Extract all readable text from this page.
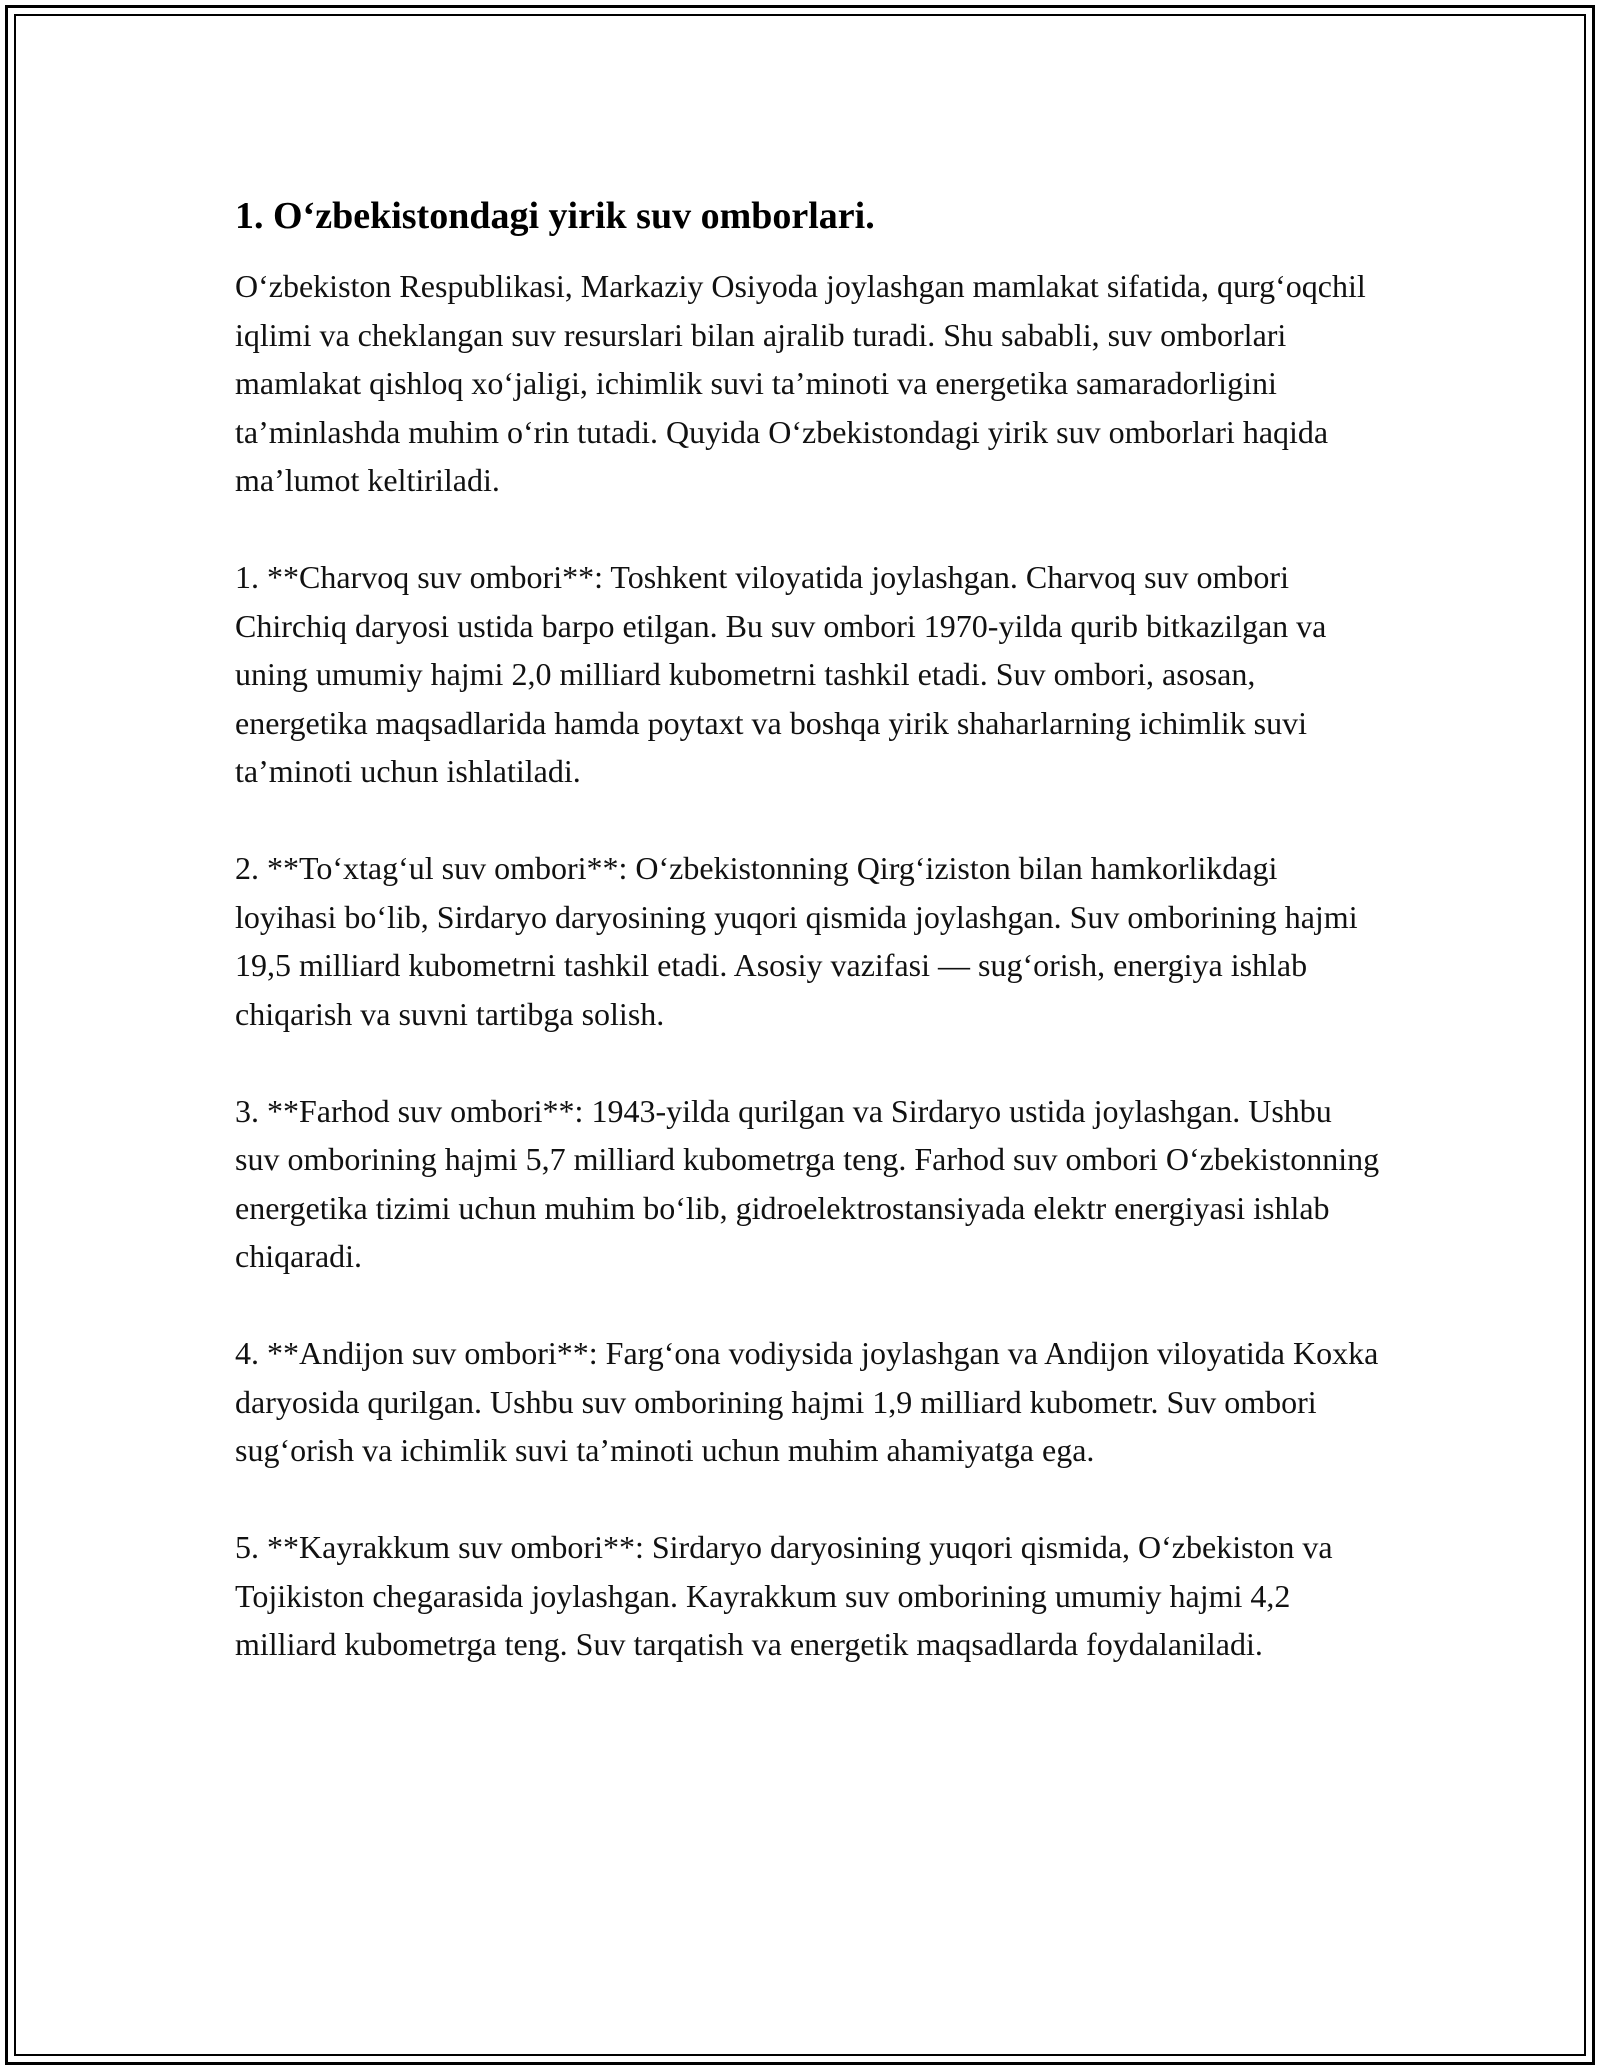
1. O‘zbekistondagi yirik suv omborlari.

O‘zbekiston Respublikasi, Markaziy Osiyoda joylashgan mamlakat sifatida, qurg‘oqchil iqlimi va cheklangan suv resurslari bilan ajralib turadi. Shu sababli, suv omborlari mamlakat qishloq xo‘jaligi, ichimlik suvi ta’minoti va energetika samaradorligini ta’minlashda muhim o‘rin tutadi. Quyida O‘zbekistondagi yirik suv omborlari haqida ma’lumot keltiriladi.

1. **Charvoq suv ombori**: Toshkent viloyatida joylashgan. Charvoq suv ombori Chirchiq daryosi ustida barpo etilgan. Bu suv ombori 1970-yilda qurib bitkazilgan va uning umumiy hajmi 2,0 milliard kubometrni tashkil etadi. Suv ombori, asosan, energetika maqsadlarida hamda poytaxt va boshqa yirik shaharlarning ichimlik suvi ta’minoti uchun ishlatiladi.

2. **To‘xtag‘ul suv ombori**: O‘zbekistonning Qirg‘iziston bilan hamkorlikdagi loyihasi bo‘lib, Sirdaryo daryosining yuqori qismida joylashgan. Suv omborining hajmi 19,5 milliard kubometrni tashkil etadi. Asosiy vazifasi — sug‘orish, energiya ishlab chiqarish va suvni tartibga solish.

3. **Farhod suv ombori**: 1943-yilda qurilgan va Sirdaryo ustida joylashgan. Ushbu suv omborining hajmi 5,7 milliard kubometrga teng. Farhod suv ombori O‘zbekistonning energetika tizimi uchun muhim bo‘lib, gidroelektrostansiyada elektr energiyasi ishlab chiqaradi.

4. **Andijon suv ombori**: Farg‘ona vodiysida joylashgan va Andijon viloyatida Koxka daryosida qurilgan. Ushbu suv omborining hajmi 1,9 milliard kubometr. Suv ombori sug‘orish va ichimlik suvi ta’minoti uchun muhim ahamiyatga ega.

5. **Kayrakkum suv ombori**: Sirdaryo daryosining yuqori qismida, O‘zbekiston va Tojikiston chegarasida joylashgan. Kayrakkum suv omborining umumiy hajmi 4,2 milliard kubometrga teng. Suv tarqatish va energetik maqsadlarda foydalaniladi.
